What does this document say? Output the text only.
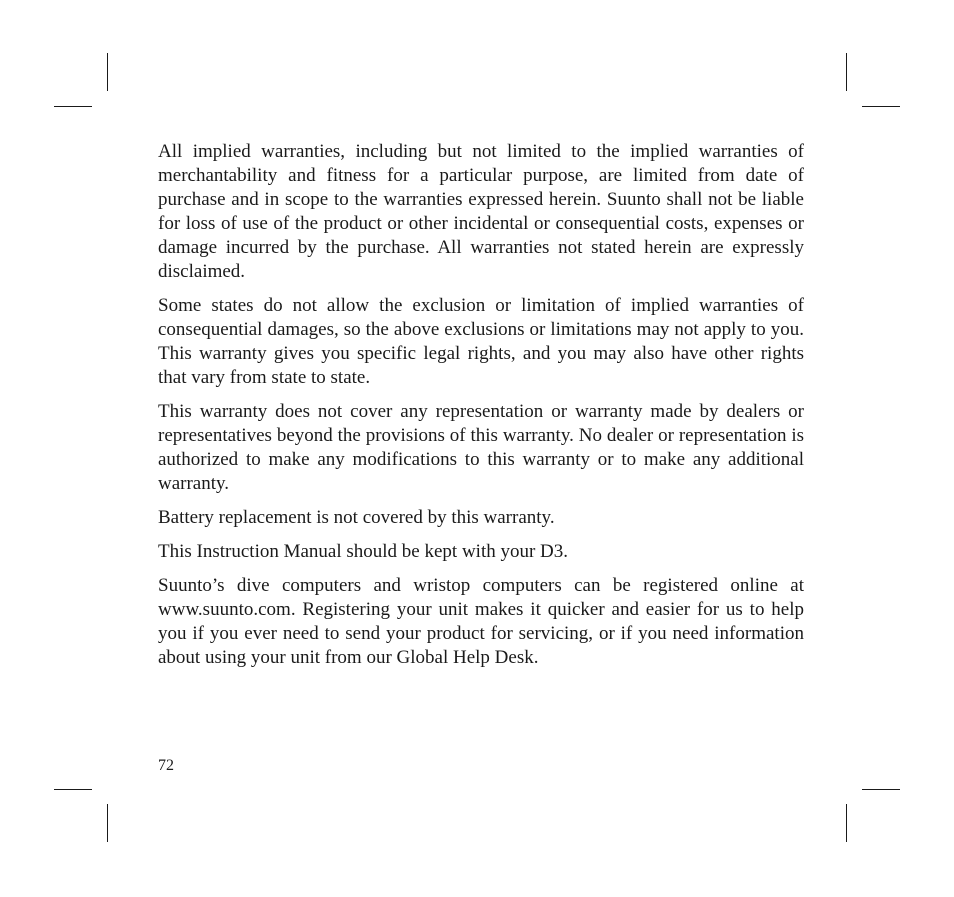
All implied warranties, including but not limited to the implied warranties of merchantability and fitness for a particular purpose, are limited from date of purchase and in scope to the warranties expressed herein. Suunto shall not be liable for loss of use of the product or other incidental or consequential costs, expenses or damage incurred by the purchase. All warranties not stated herein are expressly disclaimed.

Some states do not allow the exclusion or limitation of implied warranties of consequential damages, so the above exclusions or limitations may not apply to you. This warranty gives you specific legal rights, and you may also have other rights that vary from state to state.

This warranty does not cover any representation or warranty made by dealers or representatives beyond the provisions of this warranty. No dealer or representation is authorized to make any modifications to this warranty or to make any additional warranty.

Battery replacement is not covered by this warranty.

This Instruction Manual should be kept with your D3.

Suunto’s dive computers and wristop computers can be registered online at www.suunto.com. Registering your unit makes it quicker and easier for us to help you if you ever need to send your product for servicing, or if you need information about using your unit from our Global Help Desk.

72
